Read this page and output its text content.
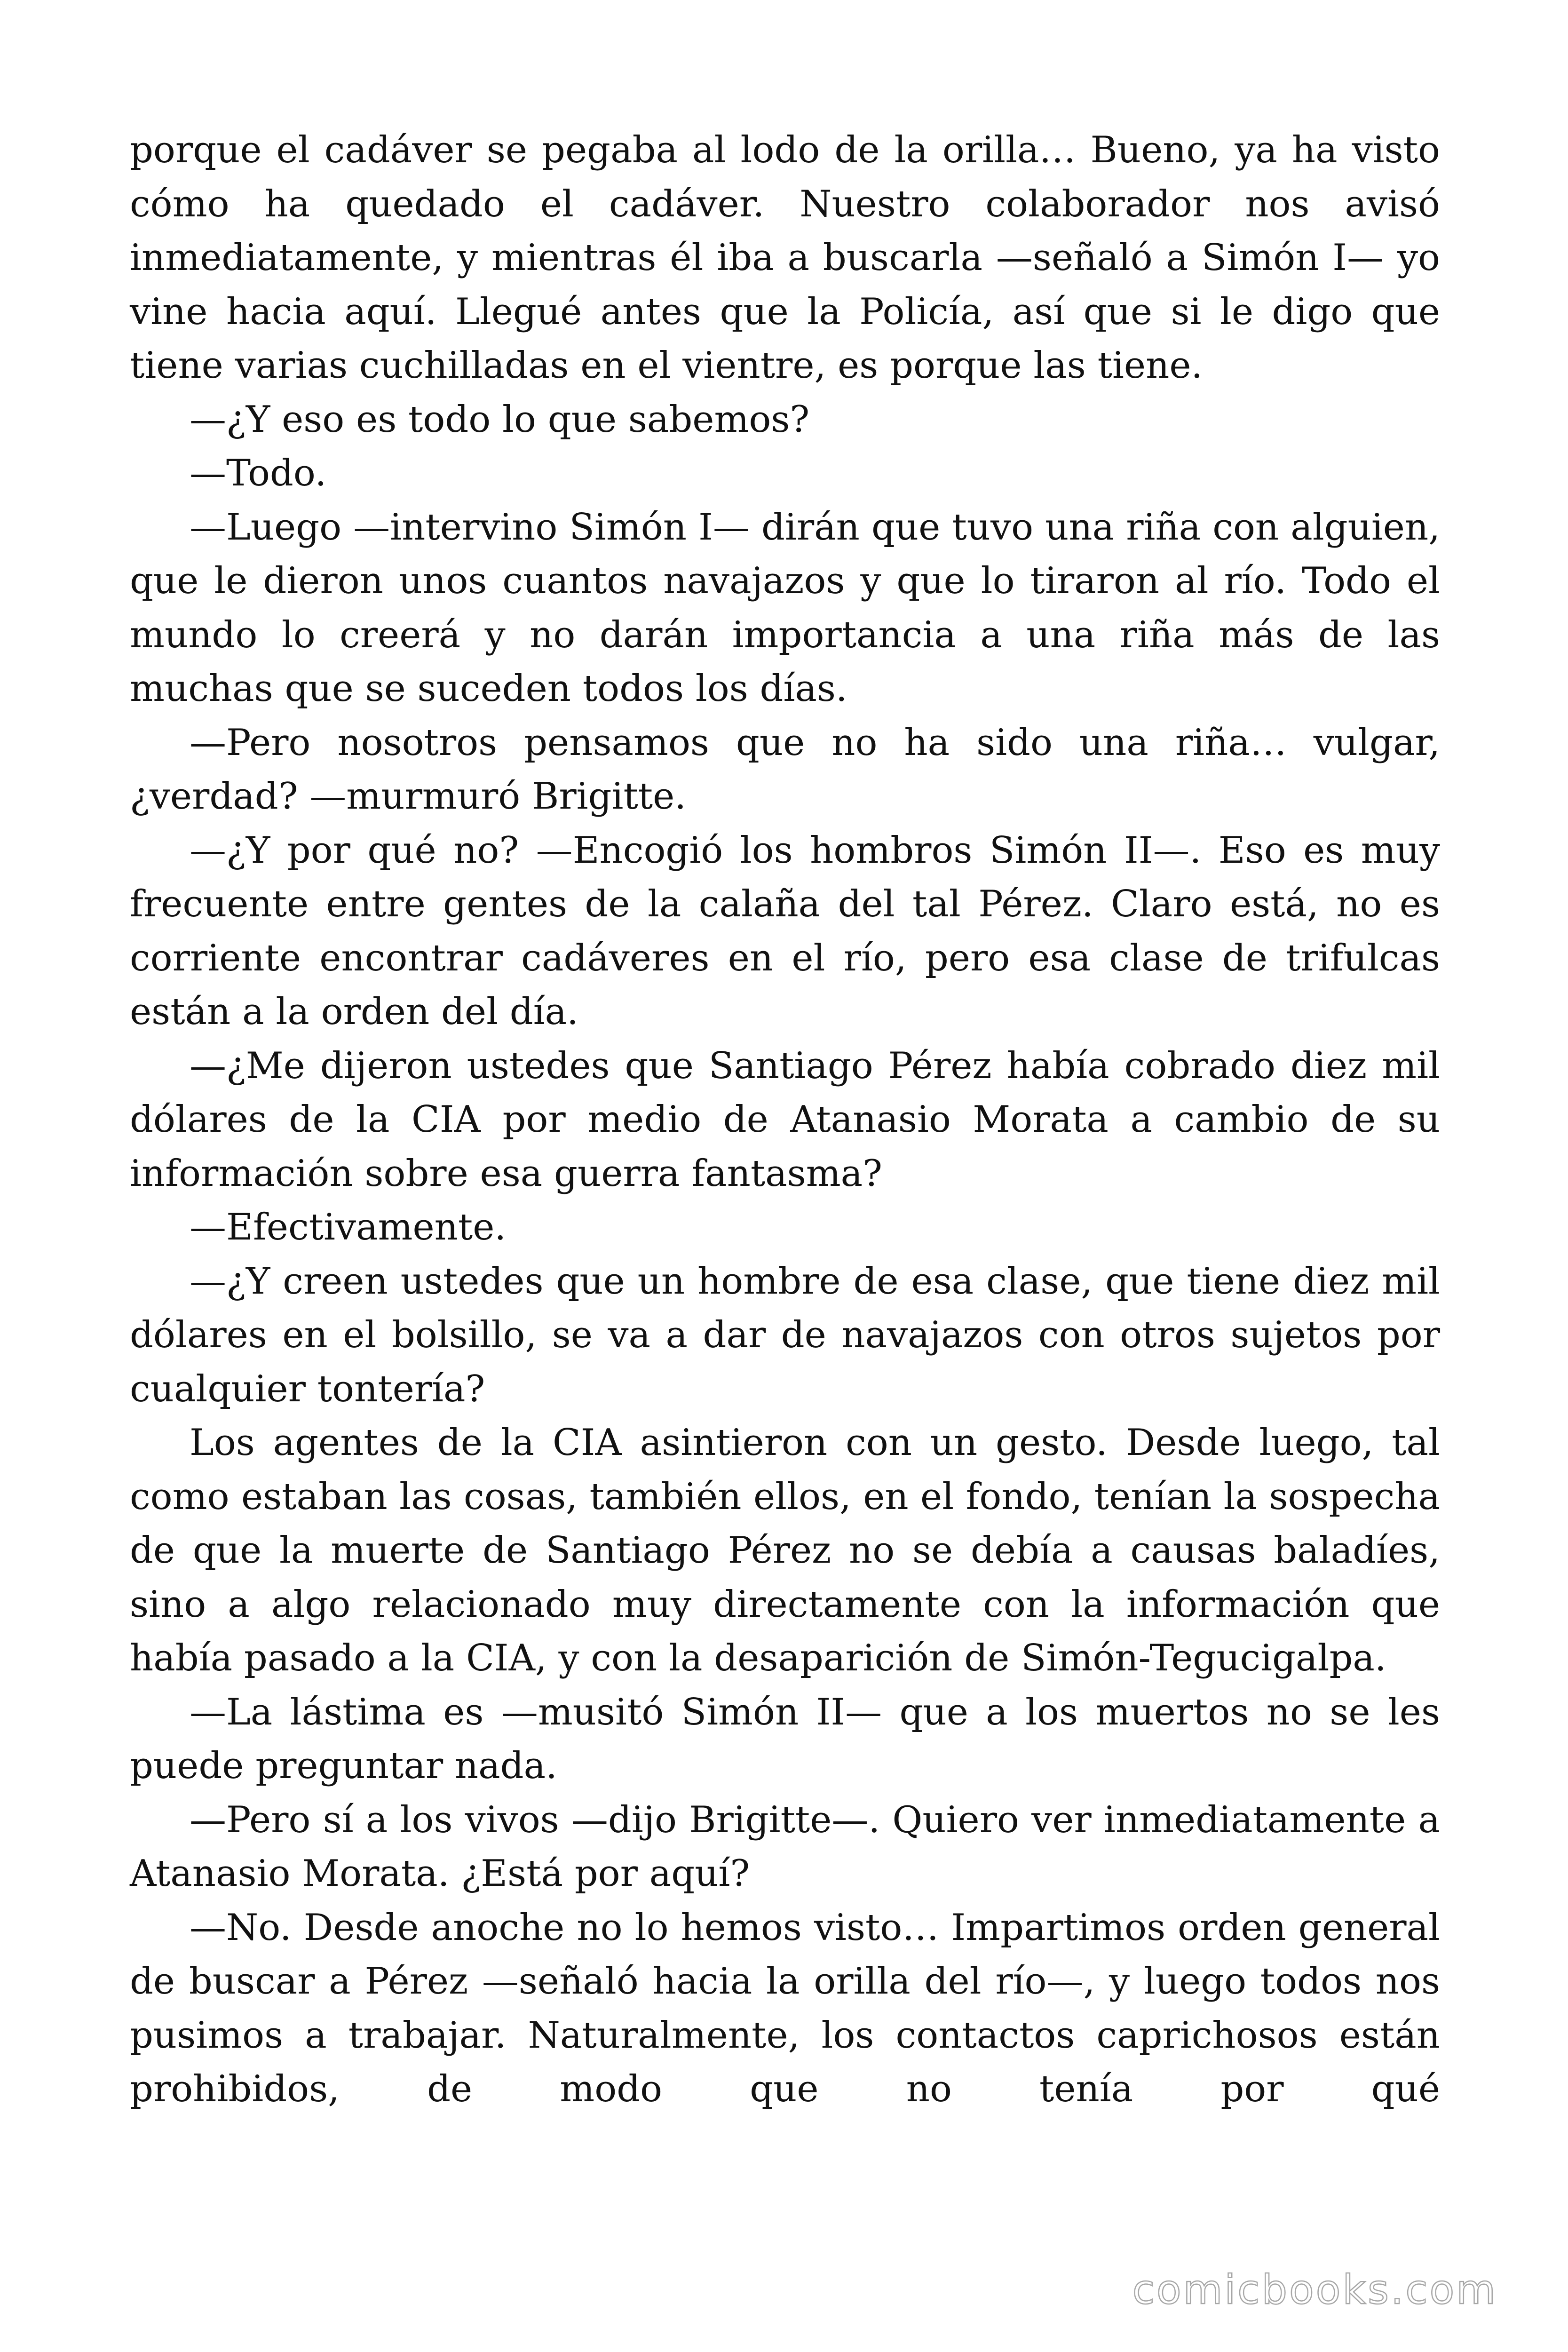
porque el cadáver se pegaba al lodo de la orilla… Bueno, ya ha visto cómo ha quedado el cadáver. Nuestro colaborador nos avisó inmediatamente, y mientras él iba a buscarla —señaló a Simón I— yo vine hacia aquí. Llegué antes que la Policía, así que si le digo que tiene varias cuchilladas en el vientre, es porque las tiene.

—¿Y eso es todo lo que sabemos?

—Todo.

—Luego —intervino Simón I— dirán que tuvo una riña con alguien, que le dieron unos cuantos navajazos y que lo tiraron al río. Todo el mundo lo creerá y no darán importancia a una riña más de las muchas que se suceden todos los días.

—Pero nosotros pensamos que no ha sido una riña… vulgar, ¿verdad? —murmuró Brigitte.

—¿Y por qué no? —Encogió los hombros Simón II—. Eso es muy frecuente entre gentes de la calaña del tal Pérez. Claro está, no es corriente encontrar cadáveres en el río, pero esa clase de trifulcas están a la orden del día.

—¿Me dijeron ustedes que Santiago Pérez había cobrado diez mil dólares de la CIA por medio de Atanasio Morata a cambio de su información sobre esa guerra fantasma?

—Efectivamente.

—¿Y creen ustedes que un hombre de esa clase, que tiene diez mil dólares en el bolsillo, se va a dar de navajazos con otros sujetos por cualquier tontería?

Los agentes de la CIA asintieron con un gesto. Desde luego, tal como estaban las cosas, también ellos, en el fondo, tenían la sospecha de que la muerte de Santiago Pérez no se debía a causas baladíes, sino a algo relacionado muy directamente con la información que había pasado a la CIA, y con la desaparición de Simón-Tegucigalpa.

—La lástima es —musitó Simón II— que a los muertos no se les puede preguntar nada.

—Pero sí a los vivos —dijo Brigitte—. Quiero ver inmediatamente a Atanasio Morata. ¿Está por aquí?

—No. Desde anoche no lo hemos visto… Impartimos orden general de buscar a Pérez —señaló hacia la orilla del río—, y luego todos nos pusimos a trabajar. Naturalmente, los contactos caprichosos están prohibidos, de modo que no tenía por qué

comicbooks.com
